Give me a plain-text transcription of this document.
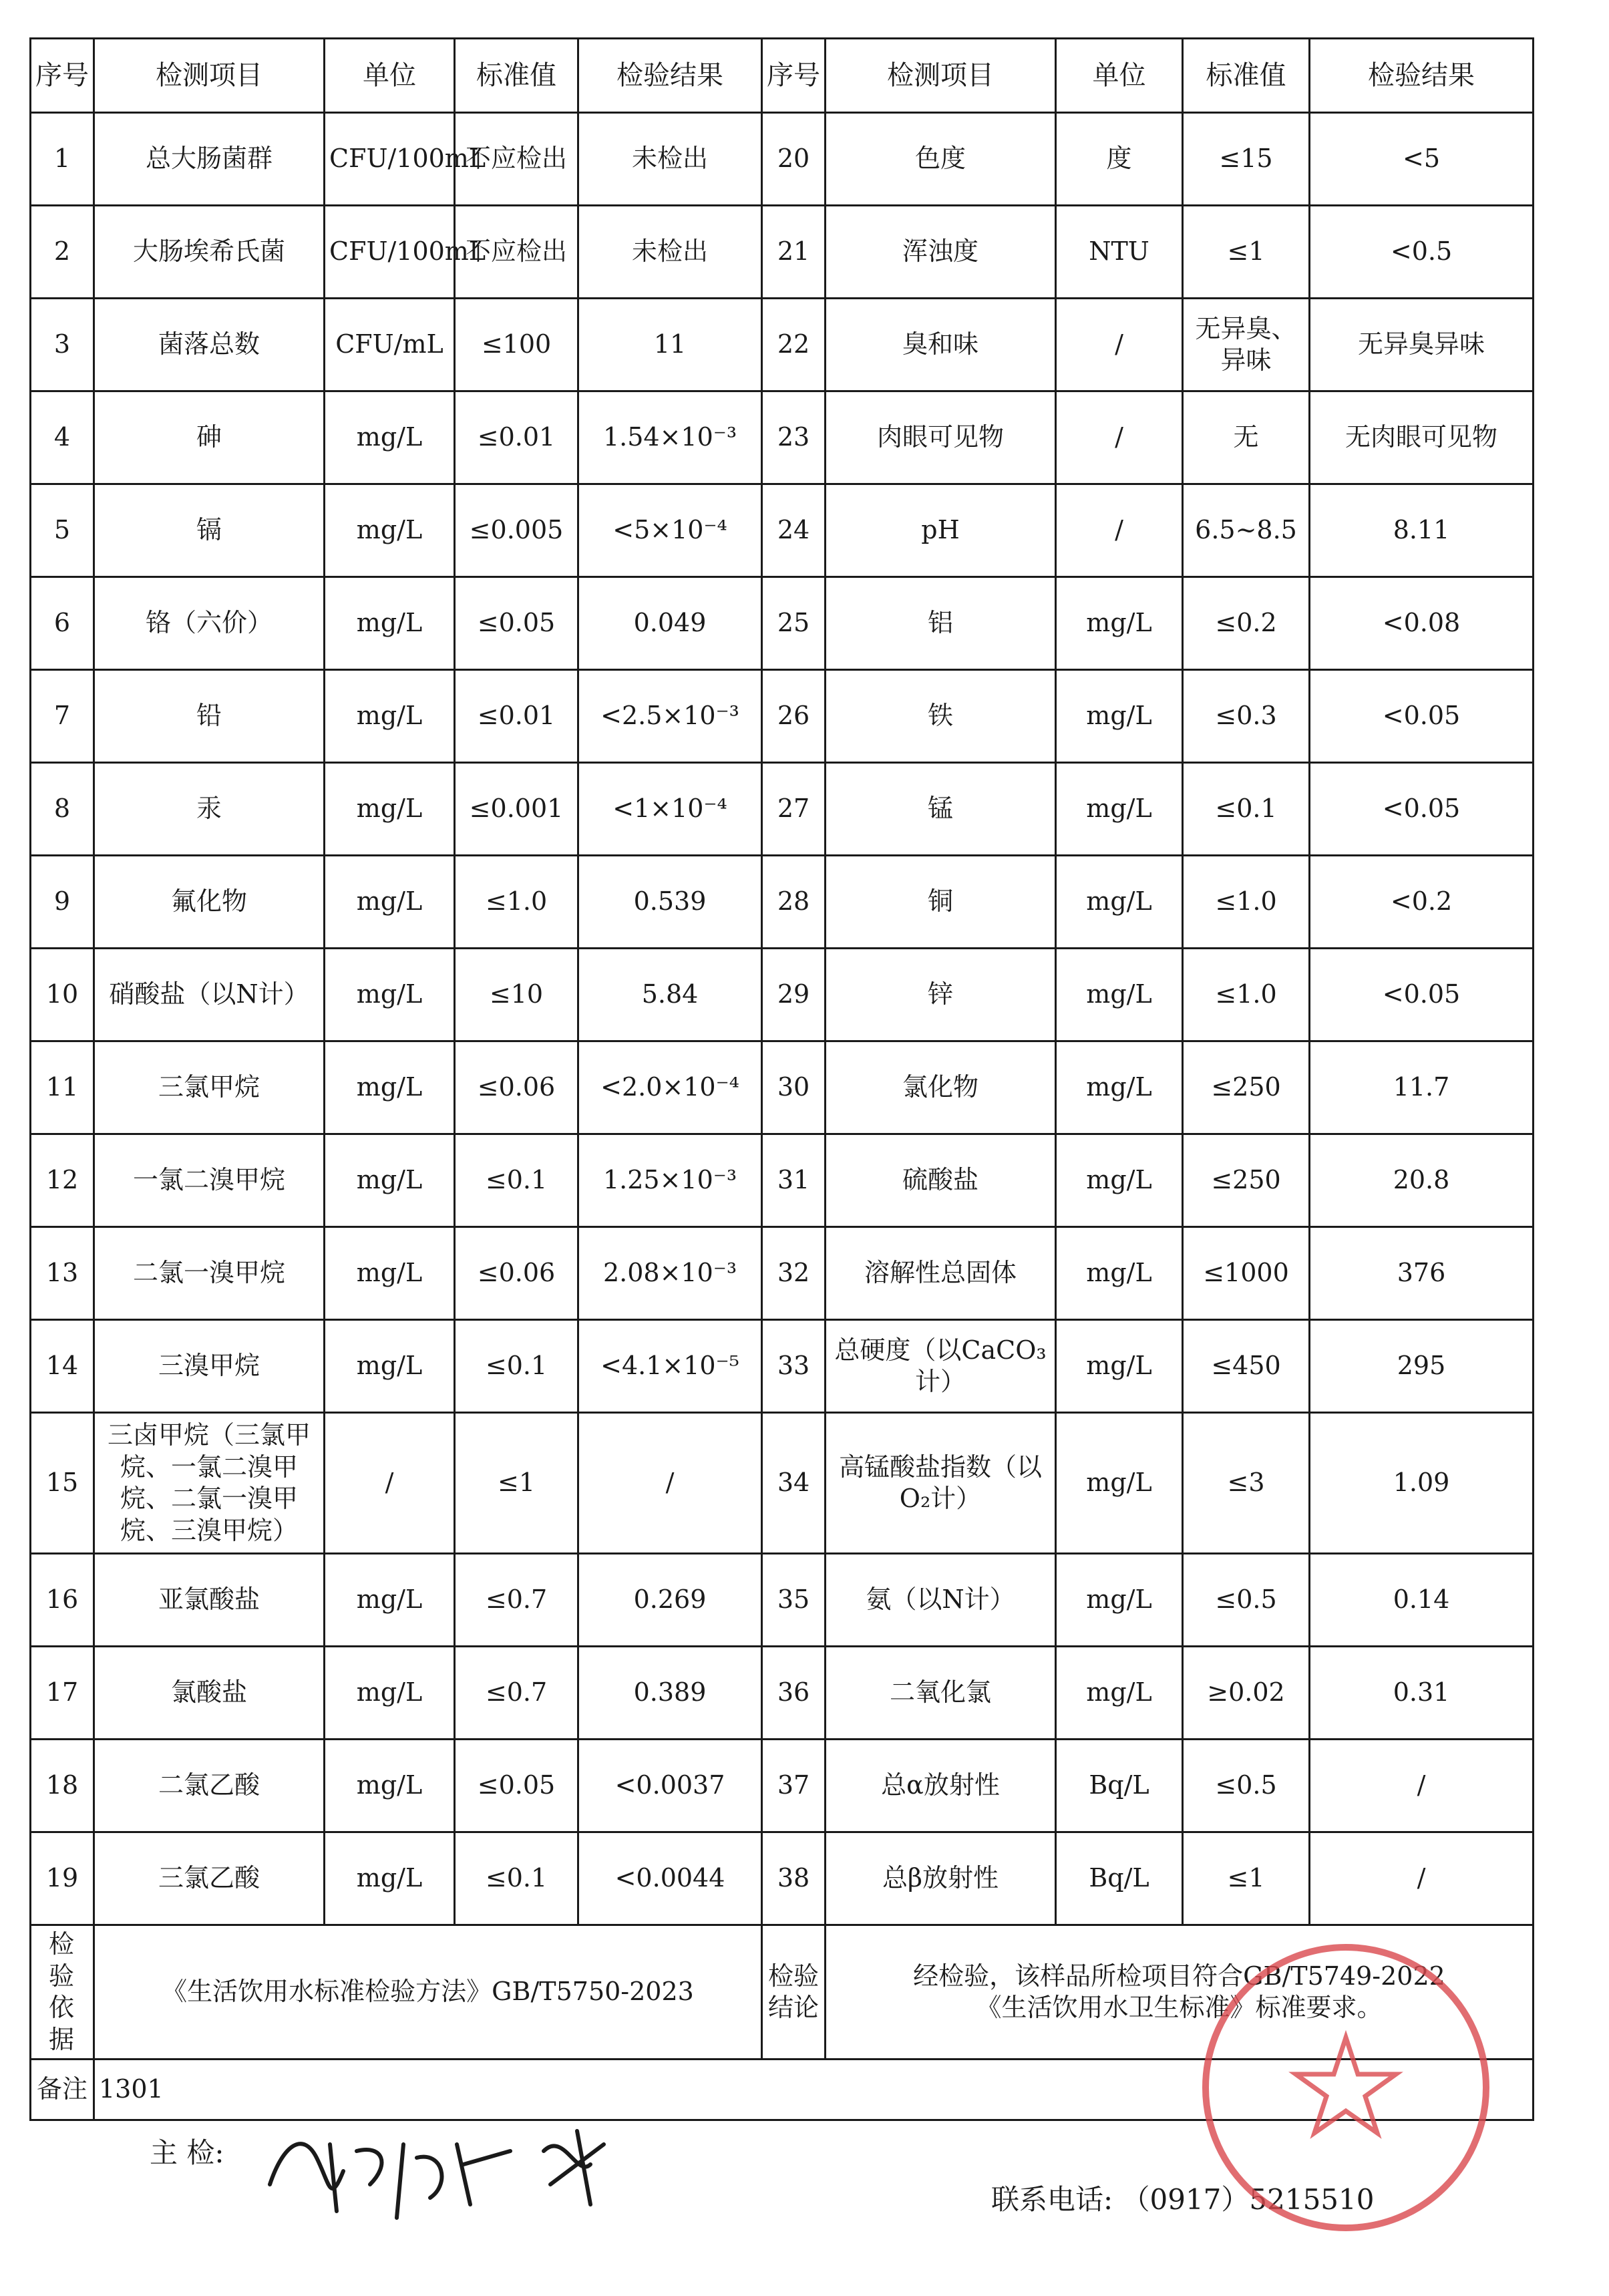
序号	检测项目	单位	标准值	检验结果	序号	检测项目	单位	标准值	检验结果
1	总大肠菌群	CFU/100mL	不应检出	未检出	20	色度	度	≤15	<5
2	大肠埃希氏菌	CFU/100mL	不应检出	未检出	21	浑浊度	NTU	≤1	<0.5
3	菌落总数	CFU/mL	≤100	11	22	臭和味	/	无异臭、异味	无异臭异味
4	砷	mg/L	≤0.01	1.54×10⁻³	23	肉眼可见物	/	无	无肉眼可见物
5	镉	mg/L	≤0.005	<5×10⁻⁴	24	pH	/	6.5~8.5	8.11
6	铬（六价）	mg/L	≤0.05	0.049	25	铝	mg/L	≤0.2	<0.08
7	铅	mg/L	≤0.01	<2.5×10⁻³	26	铁	mg/L	≤0.3	<0.05
8	汞	mg/L	≤0.001	<1×10⁻⁴	27	锰	mg/L	≤0.1	<0.05
9	氟化物	mg/L	≤1.0	0.539	28	铜	mg/L	≤1.0	<0.2
10	硝酸盐（以N计）	mg/L	≤10	5.84	29	锌	mg/L	≤1.0	<0.05
11	三氯甲烷	mg/L	≤0.06	<2.0×10⁻⁴	30	氯化物	mg/L	≤250	11.7
12	一氯二溴甲烷	mg/L	≤0.1	1.25×10⁻³	31	硫酸盐	mg/L	≤250	20.8
13	二氯一溴甲烷	mg/L	≤0.06	2.08×10⁻³	32	溶解性总固体	mg/L	≤1000	376
14	三溴甲烷	mg/L	≤0.1	<4.1×10⁻⁵	33	总硬度（以CaCO₃计）	mg/L	≤450	295
15	三卤甲烷（三氯甲烷、一氯二溴甲烷、二氯一溴甲烷、三溴甲烷）	/	≤1	/	34	高锰酸盐指数（以O₂计）	mg/L	≤3	1.09
16	亚氯酸盐	mg/L	≤0.7	0.269	35	氨（以N计）	mg/L	≤0.5	0.14
17	氯酸盐	mg/L	≤0.7	0.389	36	二氧化氯	mg/L	≥0.02	0.31
18	二氯乙酸	mg/L	≤0.05	<0.0037	37	总α放射性	Bq/L	≤0.5	/
19	三氯乙酸	mg/L	≤0.1	<0.0044	38	总β放射性	Bq/L	≤1	/
检验依据	《生活饮用水标准检验方法》GB/T5750-2023				检验结论	经检验，该样品所检项目符合GB/T5749-2022
《生活饮用水卫生标准》标准要求。			

备注	1301								
主 检:
联系电话: （0917）5215510
